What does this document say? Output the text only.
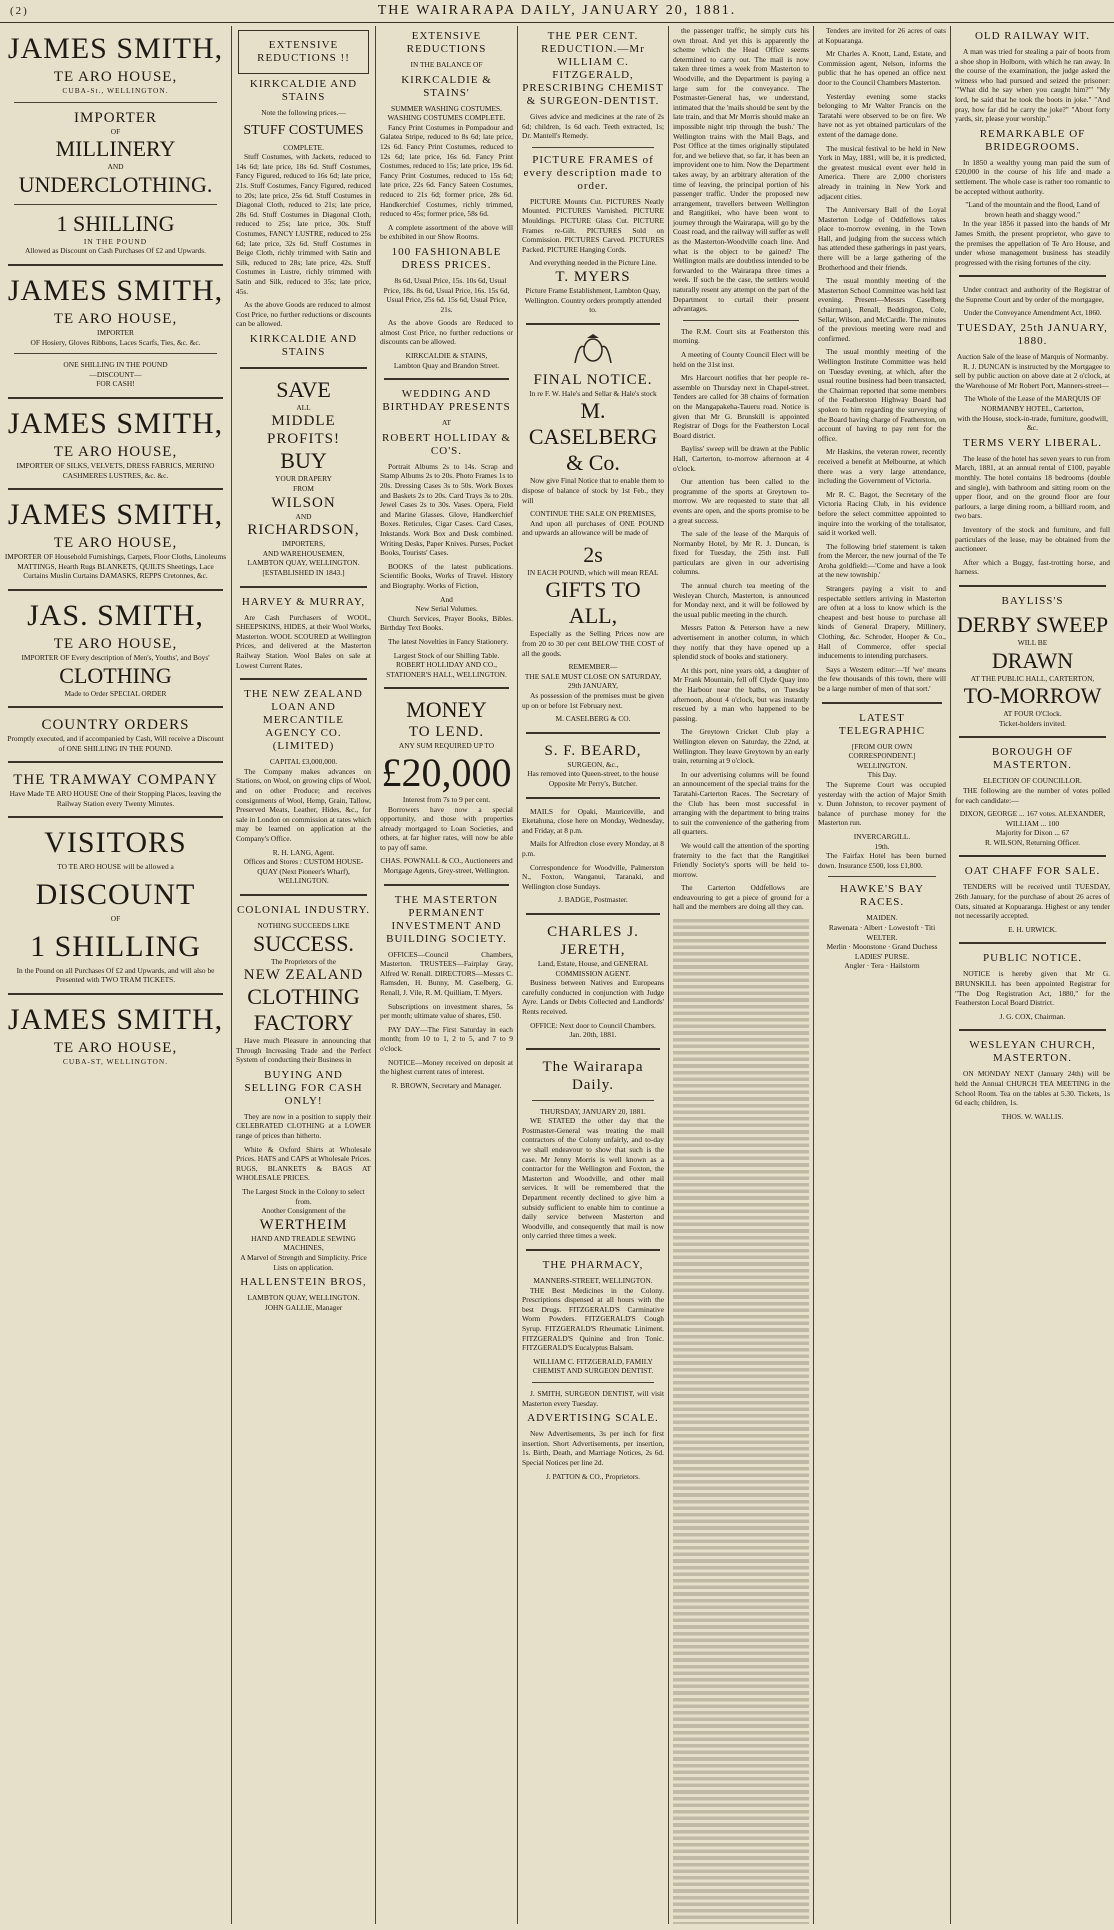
(2)	THE WAIRARAPA DAILY, JANUARY 20, 1881.
JAMES SMITH,
TE ARO HOUSE,
CUBA-St., WELLINGTON.
IMPORTER
OF
MILLINERY
AND
UNDERCLOTHING.
1 SHILLING
IN THE POUND
Allowed as Discount on Cash Purchases Of £2 and Upwards.
JAMES SMITH,
TE ARO HOUSE,
IMPORTER
OF Hosiery, Gloves Ribbons, Laces Scarfs, Ties, &c. &c.
ONE SHILLING IN THE POUND
—DISCOUNT—
FOR CASH!
JAMES SMITH,
TE ARO HOUSE,
IMPORTER OF SILKS, VELVETS, DRESS FABRICS, MERINO CASHMERES LUSTRES, &c. &c.
JAMES SMITH,
TE ARO HOUSE,
IMPORTER OF Household Furnishings, Carpets, Floor Cloths, Linoleums MATTINGS, Hearth Rugs BLANKETS, QUILTS Sheetings, Lace Curtains Muslin Curtains DAMASKS, REPPS Cretonnes, &c.
JAS. SMITH,
TE ARO HOUSE,
IMPORTER OF Every description of Men's, Youths', and Boys'
CLOTHING
Made to Order SPECIAL ORDER
COUNTRY ORDERS
Promptly executed, and if accompanied by Cash, Will receive a Discount of ONE SHILLING IN THE POUND.
THE TRAMWAY COMPANY
Have Made TE ARO HOUSE One of their Stopping Places, leaving the Railway Station every Twenty Minutes.
VISITORS
TO TE ARO HOUSE will be allowed a
DISCOUNT
OF
1 SHILLING
In the Pound on all Purchases Of £2 and Upwards, and will also be Presented with TWO TRAM TICKETS.
JAMES SMITH,
TE ARO HOUSE,
CUBA-ST, WELLINGTON.
EXTENSIVE REDUCTIONS !!
KIRKCALDIE AND STAINS
Note the following prices.—
STUFF COSTUMES
COMPLETE.

Stuff Costumes, with Jackets, reduced to 14s 6d; late price, 18s 6d. Stuff Costumes, Fancy Figured, reduced to 16s 6d; late price, 21s. Stuff Costumes, Fancy Figured, reduced to 20s; late price, 25s 6d. Stuff Costumes in Diagonal Cloth, reduced to 21s; late price, 28s 6d. Stuff Costumes in Diagonal Cloth, reduced to 25s; late price, 30s. Stuff Costumes, FANCY LUSTRE, reduced to 25s 6d; late price, 32s 6d. Stuff Costumes in Beige Cloth, richly trimmed with Satin and Silk, reduced to 28s; late price, 42s. Stuff Costumes in Lustre, richly trimmed with Satin and Silk, reduced to 35s; late price, 45s.

As the above Goods are reduced to almost Cost Price, no further reductions or discounts can be allowed.

KIRKCALDIE AND STAINS
SAVE
ALL
MIDDLE PROFITS!
BUY
YOUR DRAPERY
FROM
WILSON
AND
RICHARDSON,
IMPORTERS,
AND WAREHOUSEMEN,
LAMBTON QUAY, WELLINGTON.
[ESTABLISHED IN 1843.]
HARVEY & MURRAY,

Are Cash Purchasers of WOOL, SHEEPSKINS, HIDES, at their Wool Works, Masterton. WOOL SCOURED at Wellington Prices, and delivered at the Masterton Railway Station. Wool Bales on sale at Lowest Current Rates.

THE NEW ZEALAND LOAN AND MERCANTILE AGENCY CO. (LIMITED)
CAPITAL £3,000,000.

The Company makes advances on Stations, on Wool, on growing clips of Wool, and on other Produce; and receives consignments of Wool, Hemp, Grain, Tallow, Preserved Meats, Leather, Hides, &c., for sale in London on commission at rates which may be learned on application at the Company's Office.

R. H. LANG, Agent.
Offices and Stores : CUSTOM HOUSE-QUAY (Next Pioneer's Wharf), WELLINGTON.
COLONIAL INDUSTRY.
NOTHING SUCCEEDS LIKE
SUCCESS.
The Proprietors of the
NEW ZEALAND
CLOTHING
FACTORY

Have much Pleasure in announcing that Through Increasing Trade and the Perfect System of conducting their Business in

BUYING AND SELLING FOR CASH ONLY!

They are now in a position to supply their CELEBRATED CLOTHING at a LOWER range of prices than hitherto.

White & Oxford Shirts at Wholesale Prices. HATS and CAPS at Wholesale Prices. RUGS, BLANKETS & BAGS AT WHOLESALE PRICES.

The Largest Stock in the Colony to select from.
Another Consignment of the
WERTHEIM
HAND AND TREADLE SEWING MACHINES,
A Marvel of Strength and Simplicity. Price Lists on application.
HALLENSTEIN BROS,
LAMBTON QUAY, WELLINGTON.
JOHN GALLIE, Manager
EXTENSIVE REDUCTIONS
IN THE BALANCE OF
KIRKCALDIE & STAINS'
SUMMER WASHING COSTUMES.
WASHING COSTUMES COMPLETE.

Fancy Print Costumes in Pompadour and Galatea Stripe, reduced to 8s 6d; late price, 12s 6d. Fancy Print Costumes, reduced to 12s 6d; late price, 16s 6d. Fancy Print Costumes, reduced to 15s; late price, 19s 6d. Fancy Print Costumes, reduced to 15s 6d; late price, 22s 6d. Fancy Sateen Costumes, reduced to 21s 6d; former price, 28s 6d. Handkerchief Costumes, richly trimmed, reduced to 45s; former price, 58s 6d.

A complete assortment of the above will be exhibited in our Show Rooms.

100 FASHIONABLE DRESS PRICES.

8s 6d, Usual Price, 15s. 10s 6d, Usual Price, 18s. 8s 6d, Usual Price, 16s. 15s 6d, Usual Price, 25s 6d. 15s 6d, Usual Price, 21s.

As the above Goods are Reduced to almost Cost Price, no further reductions or discounts can be allowed.

KIRKCALDIE & STAINS,
Lambton Quay and Brandon Street.
WEDDING AND BIRTHDAY PRESENTS
AT
ROBERT HOLLIDAY & CO'S.

Portrait Albums 2s to 14s. Scrap and Stamp Albums 2s to 20s. Photo Frames 1s to 20s. Dressing Cases 3s to 50s. Work Boxes and Baskets 2s to 20s. Card Trays 3s to 20s. Jewel Cases 2s to 30s. Vases. Opera, Field and Marine Glasses. Glove, Handkerchief Boxes. Reticules, Cigar Cases. Card Cases, Inkstands. Work Box and Desk combined. Writing Desks, Paper Knives. Purses, Pocket Books, Tourists' Cases.

BOOKS of the latest publications. Scientific Books, Works of Travel. History and Biography. Works of Fiction,

And
New Serial Volumes.

Church Services, Prayer Books, Bibles. Birthday Text Books.

The latest Novelties in Fancy Stationery.

Largest Stock of our Shilling Table.
ROBERT HOLLIDAY AND CO., STATIONER'S HALL, WELLINGTON.
MONEY
TO LEND.
ANY SUM REQUIRED UP TO
£20,000
Interest from 7s to 9 per cent.

Borrowers have now a special opportunity, and those with properties already mortgaged to Loan Societies, and others, at far higher rates, will now be able to pay off same.

CHAS. POWNALL & CO., Auctioneers and Mortgage Agents, Grey-street, Wellington.
THE MASTERTON PERMANENT INVESTMENT AND BUILDING SOCIETY.

OFFICES—Council Chambers, Masterton. TRUSTEES—Fairplay Gray, Alfred W. Renall. DIRECTORS—Messrs C. Ramsden, H. Bunny, M. Caselberg, G. Renall, J. Vile, R. M. Quilliam, T. Myers.

Subscriptions on investment shares, 5s per month; ultimate value of shares, £50.

PAY DAY—The First Saturday in each month; from 10 to 1, 2 to 5, and 7 to 9 o'clock.

NOTICE—Money received on deposit at the highest current rates of interest.

R. BROWN, Secretary and Manager.
THE PER CENT. REDUCTION.—Mr WILLIAM C. FITZGERALD, PRESCRIBING CHEMIST & SURGEON-DENTIST.

Gives advice and medicines at the rate of 2s 6d; children, 1s 6d each. Teeth extracted, 1s; Dr. Mantell's Remedy.

PICTURE FRAMES of every description made to order.

PICTURE Mounts Cut. PICTURES Neatly Mounted. PICTURES Varnished. PICTURE Mouldings. PICTURE Glass Cut. PICTURE Frames re-Gilt. PICTURES Sold on Commission. PICTURES Carved. PICTURES Packed. PICTURE Hanging Cords.

And everything needed in the Picture Line.
T. MYERS
Picture Frame Establishment, Lambton Quay, Wellington. Country orders promptly attended to.
FINAL NOTICE.
In re F. W. Hale's and Sellar & Hale's stock
M. CASELBERG & Co.

Now give Final Notice that to enable them to dispose of balance of stock by 1st Feb., they will

CONTINUE THE SALE ON PREMISES,

And upon all purchases of ONE POUND and upwards an allowance will be made of

2s
IN EACH POUND, which will mean REAL
GIFTS TO ALL,

Especially as the Selling Prices now are from 20 to 30 per cent BELOW THE COST of all the goods.

REMEMBER—
THE SALE MUST CLOSE ON SATURDAY, 29th JANUARY,

As possession of the premises must be given up on or before 1st February next.

M. CASELBERG & CO.
S. F. BEARD,
SURGEON, &c.,
Has removed into Queen-street, to the house Opposite Mr Perry's, Butcher.

MAILS for Opaki, Mauriceville, and Eketahuna, close here on Monday, Wednesday, and Friday, at 8 p.m.

Mails for Alfredton close every Monday, at 8 p.m.

Correspondence for Woodville, Palmerston N., Foxton, Wanganui, Taranaki, and Wellington close Sundays.

J. BADGE, Postmaster.
CHARLES J. JERETH,
Land, Estate, House, and GENERAL COMMISSION AGENT.

Business between Natives and Europeans carefully conducted in conjunction with Judge Ayre. Lands or Debts Collected and Landlords' Rents received.

OFFICE: Next door to Council Chambers.
Jan. 20th, 1881.
The Wairarapa Daily.
THURSDAY, JANUARY 20, 1881.

WE STATED the other day that the Postmaster-General was treating the mail contractors of the Colony unfairly, and to-day we shall endeavour to show that such is the case. Mr Jenny Morris is well known as a contractor for the Wellington and Foxton, the Masterton and Woodville, and other mail services. It will be remembered that the Department recently declined to give him a subsidy sufficient to enable him to continue a daily service between Masterton and Woodville, and consequently that mail is now only carried three times a week.

THE PHARMACY,
MANNERS-STREET, WELLINGTON.

THE Best Medicines in the Colony. Prescriptions dispensed at all hours with the best Drugs. FITZGERALD'S Carminative Worm Powders. FITZGERALD'S Cough Syrup. FITZGERALD'S Rheumatic Liniment. FITZGERALD'S Quinine and Iron Tonic. FITZGERALD'S Eucalyptus Balsam.

WILLIAM C. FITZGERALD, FAMILY CHEMIST AND SURGEON DENTIST.

J. SMITH, SURGEON DENTIST, will visit Masterton every Tuesday.

ADVERTISING SCALE.

New Advertisements, 3s per inch for first insertion. Short Advertisements, per insertion, 1s. Birth, Death, and Marriage Notices, 2s 6d. Special Notices per line 2d.

J. PATTON & CO., Proprietors.

the passenger traffic, he simply cuts his own throat. And yet this is apparently the scheme which the Head Office seems determined to carry out. The mail is now taken three times a week from Masterton to Woodville, and the Department is paying a large sum for the conveyance. The Postmaster-General has, we understand, intimated that the 'mails should be sent by the late train, and that Mr Morris should make an impossible night trip through the bush.' The Wellington trains with the Mail Bags, and Post Office at the times originally stipulated for, and we believe that, so far, it has been an improvident one to him. Now the Department takes away, by an arbitrary alteration of the time of leaving, the principal portion of his passenger traffic. Under the proposed new arrangement, travellers between Wellington and Rangitikei, who have been wont to journey through the Wairarapa, will go by the Coast road, and the railway will suffer as well as the Masterton-Woodville coach line. And what is the object to be gained? The Wellington mails are doubtless intended to be forwarded to the Wairarapa three times a week. If such be the case, the settlers would naturally resent any attempt on the part of the Department to curtail their present advantages.

The R.M. Court sits at Featherston this morning.

A meeting of County Council Elect will be held on the 31st inst.

Mrs Harcourt notifies that her people re-assemble on Thursday next in Chapel-street. Tenders are called for 38 chains of formation on the Mangapakeha-Taueru road. Notice is given that Mr G. Brunskill is appointed Registrar of Dogs for the Featherston Local Board district.

Bayliss' sweep will be drawn at the Public Hall, Carterton, to-morrow afternoon at 4 o'clock.

Our attention has been called to the programme of the sports at Greytown to-morrow. We are requested to state that all events are open, and the sports promise to be a great success.

The sale of the lease of the Marquis of Normanby Hotel, by Mr R. J. Duncan, is fixed for Tuesday, the 25th inst. Full particulars are given in our advertising columns.

The annual church tea meeting of the Wesleyan Church, Masterton, is announced for Monday next, and it will be followed by the usual public meeting in the church.

Messrs Patton & Peterson have a new advertisement in another column, in which they notify that they have opened up a splendid stock of books and stationery.

At this port, nine years old, a daughter of Mr Frank Mountain, fell off Clyde Quay into the Harbour near the baths, on Tuesday afternoon, about 4 o'clock, but was instantly rescued by a man who happened to be passing.

The Greytown Cricket Club play a Wellington eleven on Saturday, the 22nd, at Wellington. They leave Greytown by an early train, returning at 9 o'clock.

In our advertising columns will be found an announcement of the special trains for the Taratahi-Carterton Races. The Secretary of the Club has been most successful in arranging with the department to bring trains to suit the convenience of the gathering from all quarters.

We would call the attention of the sporting fraternity to the fact that the Rangitikei Friendly Society's sports will be held to-morrow.

The Carterton Oddfellows are endeavouring to get a piece of ground for a hall and the members are doing all they can.

Tenders are invited for 26 acres of oats at Kopuaranga.

Mr Charles A. Knott, Land, Estate, and Commission agent, Nelson, informs the public that he has opened an office next door to the Council Chambers Masterton.

Yesterday evening some stacks belonging to Mr Walter Francis on the Taratahi were observed to be on fire. We have not as yet obtained particulars of the extent of the damage done.

The musical festival to be held in New York in May, 1881, will be, it is predicted, the greatest musical event ever held in America. There are 2,000 choristers already in training in New York and adjacent cities.

The Anniversary Ball of the Loyal Masterton Lodge of Oddfellows takes place to-morrow evening, in the Town Hall, and judging from the success which has attended these gatherings in past years, there will be a large gathering of the Brotherhood and their friends.

The usual monthly meeting of the Masterton School Committee was held last evening. Present—Messrs Caselberg (chairman), Renall, Beddington, Cole, Sellar, Wilson, and McCardle. The minutes of the previous meeting were read and confirmed.

The usual monthly meeting of the Wellington Institute Committee was held on Tuesday evening, at which, after the usual routine business had been transacted, the Chairman reported that some members of the Featherston Highway Board had spoken to him regarding the surveying of the Board having charge of Featherston, on account of having to pay rent for the office.

Mr Haskins, the veteran rower, recently received a benefit at Melbourne, at which there was a very large attendance, including the Government of Victoria.

Mr R. C. Bagot, the Secretary of the Victoria Racing Club, in his evidence before the select committee appointed to inquire into the working of the totalisator, said it worked well.

The following brief statement is taken from the Mercer, the new journal of the Te Aroha goldfield:—'Come and have a look at the new township.'

Strangers paying a visit to and respectable settlers arriving in Masterton are often at a loss to know which is the cheapest and best house to purchase all kinds of General Drapery, Millinery, Clothing, &c. Schroder, Hooper & Co., Hall of Commerce, offer special inducements to intending purchasers.

Says a Western editor:—'If 'we' means the few thousands of this town, there will be a large number of men of that sort.'

LATEST TELEGRAPHIC
[FROM OUR OWN CORRESPONDENT.]
WELLINGTON.
This Day.

The Supreme Court was occupied yesterday with the action of Major Smith v. Dunn Johnston, to recover payment of balance of purchase money for the Masterton run.

INVERCARGILL.
19th.

The Fairfax Hotel has been burned down. Insurance £500, loss £1,800.

HAWKE'S BAY RACES.
MAIDEN.
Rawenata · Albert · Lowestoft · Titi
WELTER.
Merlin · Moonstone · Grand Duchess
LADIES' PURSE.
Angler · Tera · Hailstorm
OLD RAILWAY WIT.

A man was tried for stealing a pair of boots from a shoe shop in Holborn, with which he ran away. In the course of the examination, the judge asked the witness who had pursued and seized the prisoner: '"What did he say when you caught him?"' "My lord, he said that he took the boots in joke." "And pray, how far did he carry the joke?" "About forty yards, sir, please your worship."

REMARKABLE OF BRIDEGROOMS.

In 1850 a wealthy young man paid the sum of £20,000 in the course of his life and made a settlement. The whole case is rather too romantic to be accepted without authority.

"Land of the mountain and the flood, Land of brown heath and shaggy wood."

In the year 1856 it passed into the hands of Mr James Smith, the present proprietor, who gave to the premises the appellation of Te Aro House, and under whose management business has steadily progressed with the rising fortunes of the city.

Under contract and authority of the Registrar of the Supreme Court and by order of the mortgagee,

Under the Conveyance Amendment Act, 1860.
TUESDAY, 25th JANUARY, 1880.
Auction Sale of the lease of Marquis of Normanby.

R. J. DUNCAN is instructed by the Mortgagee to sell by public auction on above date at 2 o'clock, at the Warehouse of Mr Robert Port, Manners-street—

The Whole of the Lease of the MARQUIS OF NORMANBY HOTEL, Carterton,
with the House, stock-in-trade, furniture, goodwill, &c.
TERMS VERY LIBERAL.

The lease of the hotel has seven years to run from March, 1881, at an annual rental of £100, payable monthly. The hotel contains 18 bedrooms (double and single), with bathroom and sitting room on the upper floor, and on the ground floor are four parlours, a large dining room, a billiard room, and two bars.

Inventory of the stock and furniture, and full particulars of the lease, may be obtained from the auctioneer.

After which a Buggy, fast-trotting horse, and harness.

BAYLISS'S
DERBY SWEEP
WILL BE
DRAWN
AT THE PUBLIC HALL, CARTERTON,
TO-MORROW
AT FOUR O'Clock.
Ticket-holders invited.
BOROUGH OF MASTERTON.
ELECTION OF COUNCILLOR.

THE following are the number of votes polled for each candidate:—

DIXON, GEORGE ... 167 votes. ALEXANDER, WILLIAM ... 100
Majority for Dixon ... 67
R. WILSON, Returning Officer.
OAT CHAFF FOR SALE.

TENDERS will be received until TUESDAY, 26th January, for the purchase of about 26 acres of Oats, situated at Kopuaranga. Highest or any tender not necessarily accepted.

E. H. URWICK.
PUBLIC NOTICE.

NOTICE is hereby given that Mr G. BRUNSKILL has been appointed Registrar for "The Dog Registration Act, 1880," for the Featherston Local Board District.

J. G. COX, Chairman.
WESLEYAN CHURCH, MASTERTON.

ON MONDAY NEXT (January 24th) will be held the Annual CHURCH TEA MEETING in the School Room. Tea on the tables at 5.30. Tickets, 1s 6d each; children, 1s.

THOS. W. WALLIS.
